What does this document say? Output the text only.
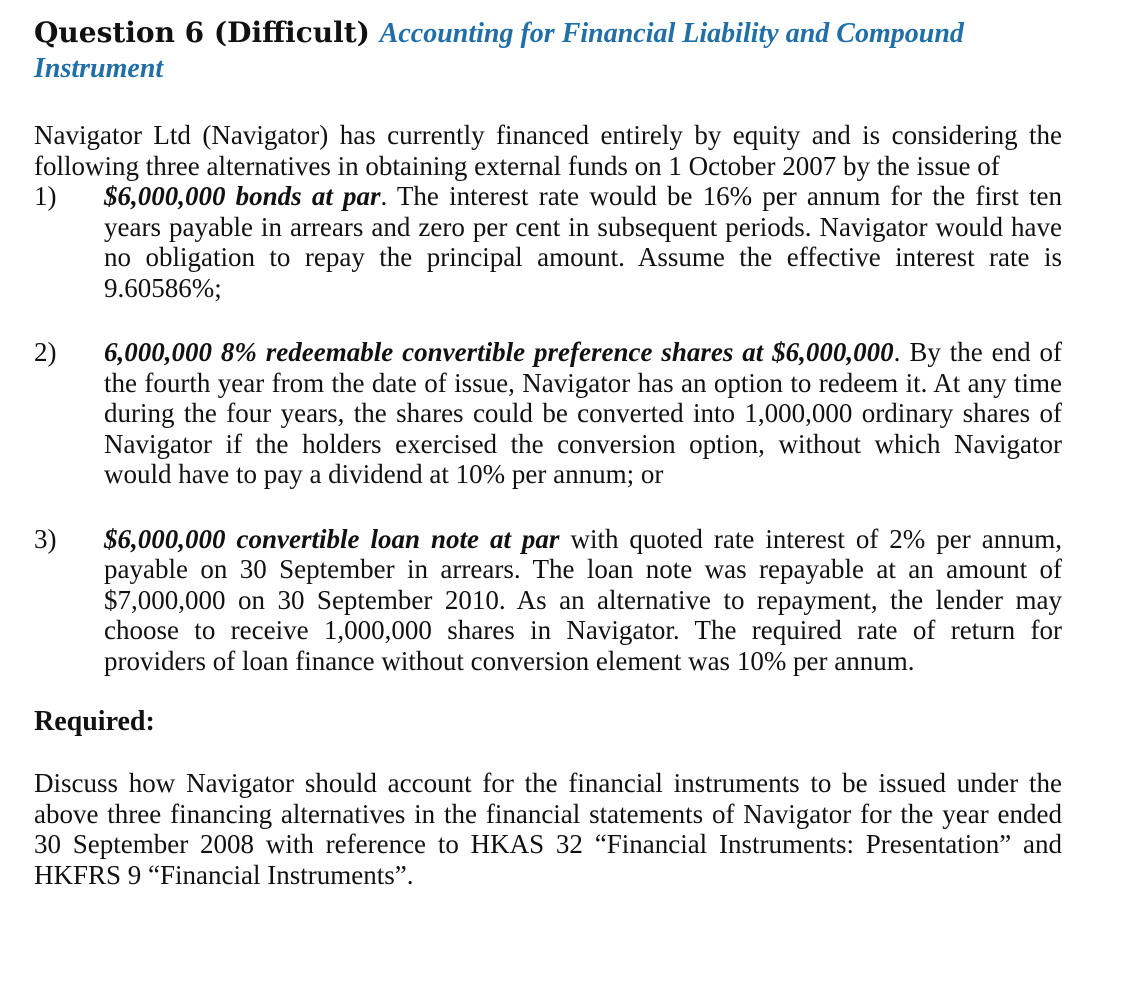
Question 6 (Difficult) Accounting for Financial Liability and Compound Instrument

Navigator Ltd (Navigator) has currently financed entirely by equity and is considering the following three alternatives in obtaining external funds on 1 October 2007 by the issue of

1)	$6,000,000 bonds at par. The interest rate would be 16% per annum for the first ten years payable in arrears and zero per cent in subsequent periods. Navigator would have no obligation to repay the principal amount. Assume the effective interest rate is 9.60586%;
2)	6,000,000 8% redeemable convertible preference shares at $6,000,000. By the end of the fourth year from the date of issue, Navigator has an option to redeem it. At any time during the four years, the shares could be converted into 1,000,000 ordinary shares of Navigator if the holders exercised the conversion option, without which Navigator would have to pay a dividend at 10% per annum; or
3)	$6,000,000 convertible loan note at par with quoted rate interest of 2% per annum, payable on 30 September in arrears. The loan note was repayable at an amount of $7,000,000 on 30 September 2010. As an alternative to repayment, the lender may choose to receive 1,000,000 shares in Navigator. The required rate of return for providers of loan finance without conversion element was 10% per annum.

Required:

Discuss how Navigator should account for the financial instruments to be issued under the above three financing alternatives in the financial statements of Navigator for the year ended 30 September 2008 with reference to HKAS 32 “Financial Instruments: Presentation” and HKFRS 9 “Financial Instruments”.
